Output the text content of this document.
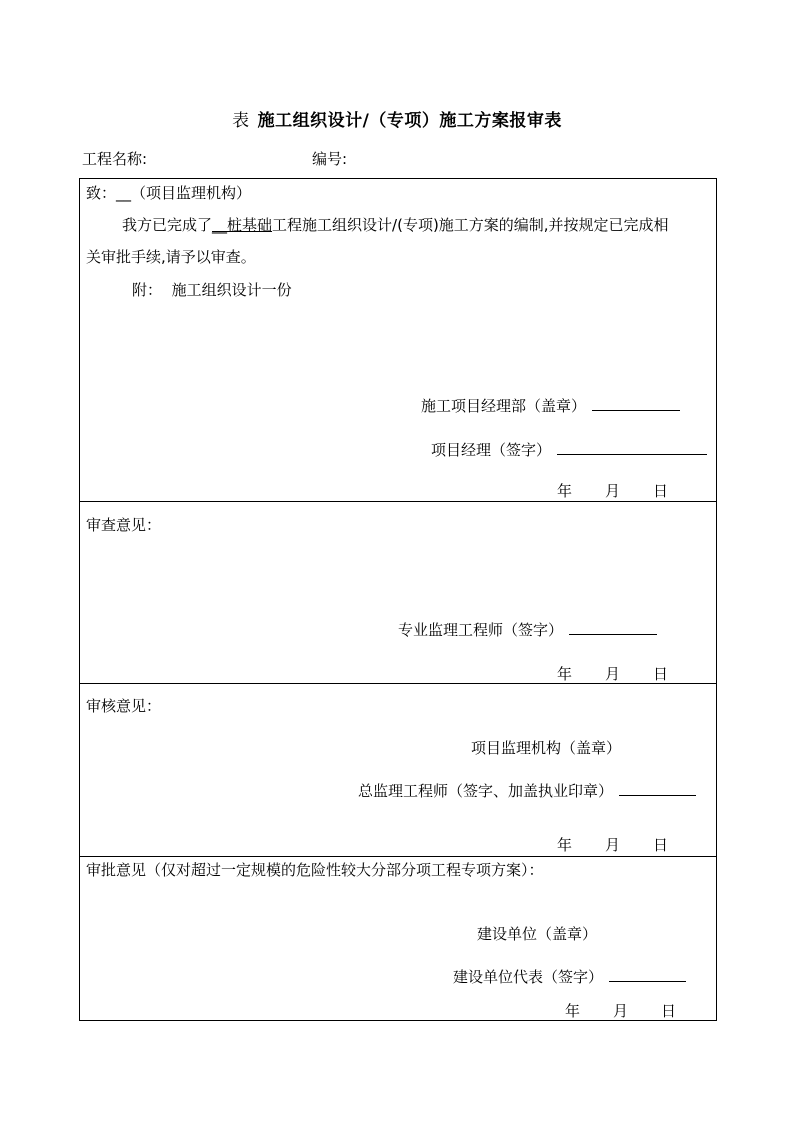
表 施工组织设计/（专项）施工方案报审表
工程名称:	编号:
致：__（项目监理机构）
我方已完成了__桩基础工程施工组织设计/(专项)施工方案的编制,并按规定已完成相
关审批手续,请予以审查。
附： 施工组织设计一份
施工项目经理部（盖章）
项目经理（签字）
年 月 日
审查意见：
专业监理工程师（签字）
年 月 日
审核意见：
项目监理机构（盖章）
总监理工程师（签字、加盖执业印章）
年 月 日
审批意见（仅对超过一定规模的危险性较大分部分项工程专项方案）：
建设单位（盖章）
建设单位代表（签字）
年 月 日
